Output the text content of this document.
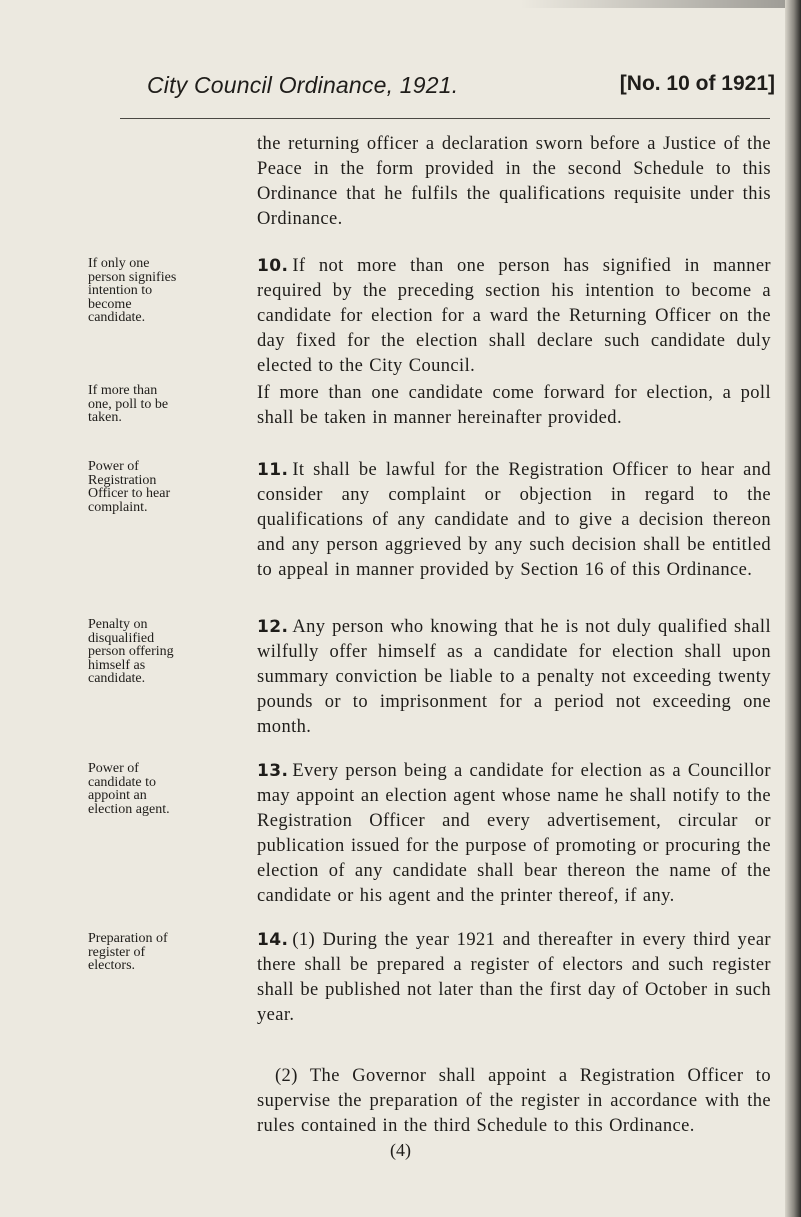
City Council Ordinance, 1921.	[No. 10 of 1921]
the returning officer a declaration sworn before a Justice of the Peace in the form provided in the second Schedule to this Ordinance that he fulfils the qualifications requisite under this Ordinance.
If only one person signifies intention to become candidate.
10. If not more than one person has signified in manner required by the preceding section his intention to become a candidate for election for a ward the Returning Officer on the day fixed for the election shall declare such candidate duly elected to the City Council.
If more than one, poll to be taken.
If more than one candidate come forward for election, a poll shall be taken in manner hereinafter provided.
Power of Registration Officer to hear complaint.
11. It shall be lawful for the Registration Officer to hear and consider any complaint or objection in regard to the qualifications of any candidate and to give a decision thereon and any person aggrieved by any such decision shall be entitled to appeal in manner provided by Section 16 of this Ordinance.
Penalty on disqualified person offering himself as candidate.
12. Any person who knowing that he is not duly qualified shall wilfully offer himself as a candidate for election shall upon summary conviction be liable to a penalty not exceeding twenty pounds or to imprisonment for a period not exceeding one month.
Power of candidate to appoint an election agent.
13. Every person being a candidate for election as a Councillor may appoint an election agent whose name he shall notify to the Registration Officer and every advertisement, circular or publication issued for the purpose of promoting or procuring the election of any candidate shall bear thereon the name of the candidate or his agent and the printer thereof, if any.
Preparation of register of electors.
14. (1) During the year 1921 and thereafter in every third year there shall be prepared a register of electors and such register shall be published not later than the first day of October in such year.
(2) The Governor shall appoint a Registration Officer to supervise the preparation of the register in accordance with the rules contained in the third Schedule to this Ordinance.
(4)
